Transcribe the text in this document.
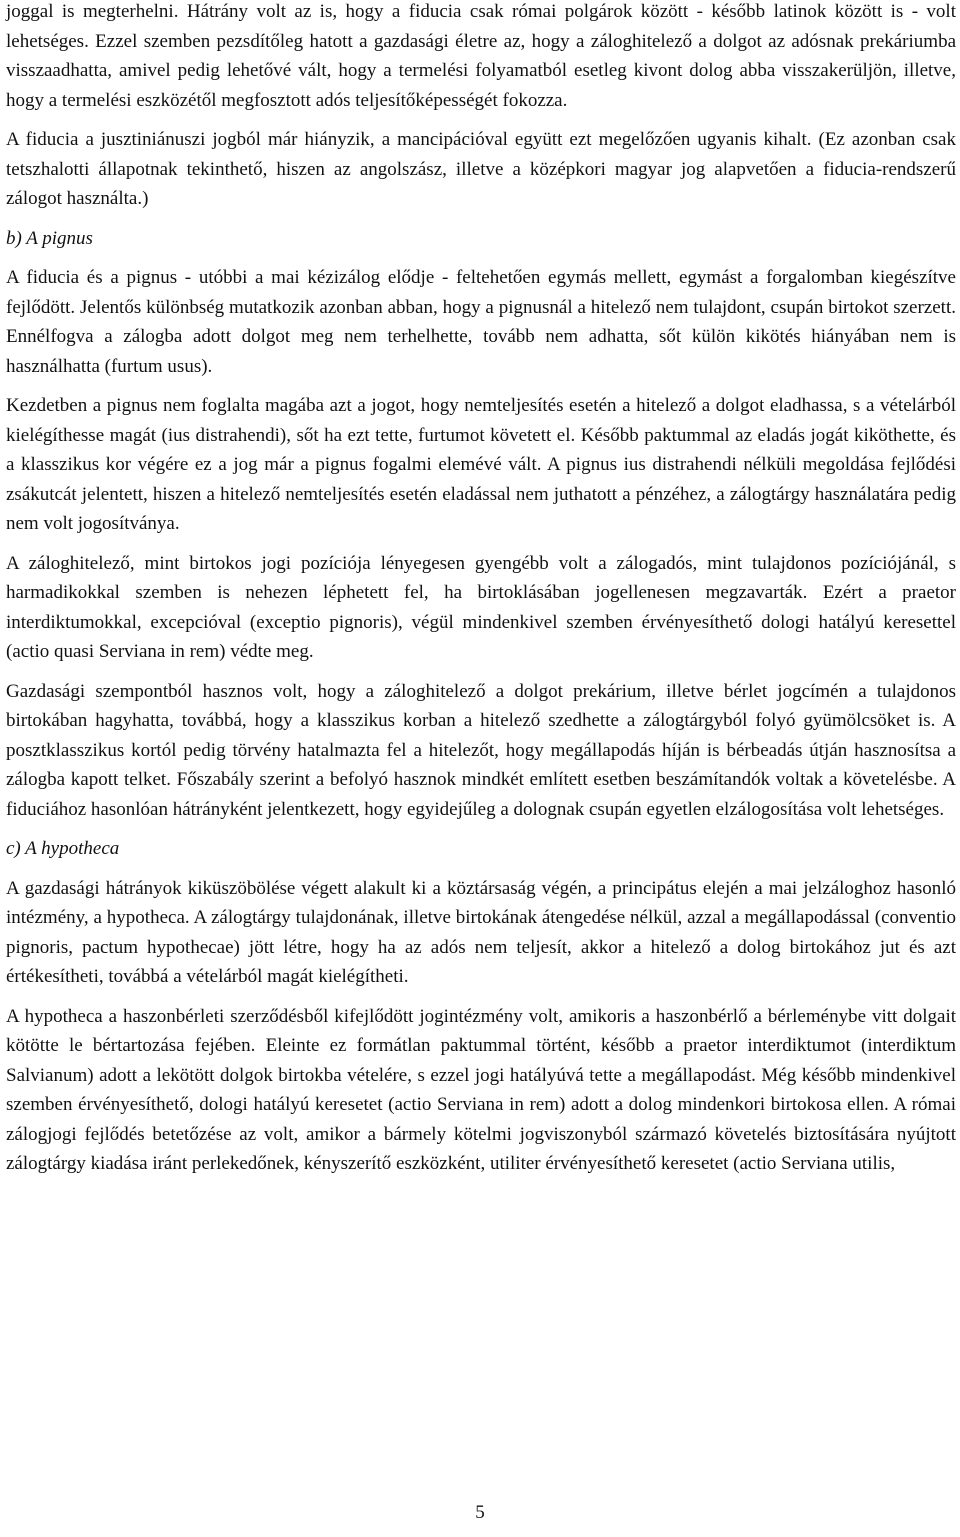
joggal is megterhelni. Hátrány volt az is, hogy a fiducia csak római polgárok között - később latinok között is - volt lehetséges. Ezzel szemben pezsdítőleg hatott a gazdasági életre az, hogy a záloghitelező a dolgot az adósnak prekáriumba visszaadhatta, amivel pedig lehetővé vált, hogy a termelési folyamatból esetleg kivont dolog abba visszakerüljön, illetve, hogy a termelési eszközétől megfosztott adós teljesítőképességét fokozza.

A fiducia a jusztiniánuszi jogból már hiányzik, a mancipációval együtt ezt megelőzően ugyanis kihalt. (Ez azonban csak tetszhalotti állapotnak tekinthető, hiszen az angolszász, illetve a középkori magyar jog alapvetően a fiducia-rendszerű zálogot használta.)

b) A pignus

A fiducia és a pignus - utóbbi a mai kézizálog elődje - feltehetően egymás mellett, egymást a forgalomban kiegészítve fejlődött. Jelentős különbség mutatkozik azonban abban, hogy a pignusnál a hitelező nem tulajdont, csupán birtokot szerzett. Ennélfogva a zálogba adott dolgot meg nem terhelhette, tovább nem adhatta, sőt külön kikötés hiányában nem is használhatta (furtum usus).

Kezdetben a pignus nem foglalta magába azt a jogot, hogy nemteljesítés esetén a hitelező a dolgot eladhassa, s a vételárból kielégíthesse magát (ius distrahendi), sőt ha ezt tette, furtumot követett el. Később paktummal az eladás jogát kiköthette, és a klasszikus kor végére ez a jog már a pignus fogalmi elemévé vált. A pignus ius distrahendi nélküli megoldása fejlődési zsákutcát jelentett, hiszen a hitelező nemteljesítés esetén eladással nem juthatott a pénzéhez, a zálogtárgy használatára pedig nem volt jogosítványa.

A záloghitelező, mint birtokos jogi pozíciója lényegesen gyengébb volt a zálogadós, mint tulajdonos pozíciójánál, s harmadikokkal szemben is nehezen léphetett fel, ha birtoklásában jogellenesen megzavarták. Ezért a praetor interdiktumokkal, excepcióval (exceptio pignoris), végül mindenkivel szemben érvényesíthető dologi hatályú keresettel (actio quasi Serviana in rem) védte meg.

Gazdasági szempontból hasznos volt, hogy a záloghitelező a dolgot prekárium, illetve bérlet jogcímén a tulajdonos birtokában hagyhatta, továbbá, hogy a klasszikus korban a hitelező szedhette a zálogtárgyból folyó gyümölcsöket is. A posztklasszikus kortól pedig törvény hatalmazta fel a hitelezőt, hogy megállapodás híján is bérbeadás útján hasznosítsa a zálogba kapott telket. Főszabály szerint a befolyó hasznok mindkét említett esetben beszámítandók voltak a követelésbe. A fiduciához hasonlóan hátrányként jelentkezett, hogy egyidejűleg a dolognak csupán egyetlen elzálogosítása volt lehetséges.

c) A hypotheca

A gazdasági hátrányok kiküszöbölése végett alakult ki a köztársaság végén, a principátus elején a mai jelzáloghoz hasonló intézmény, a hypotheca. A zálogtárgy tulajdonának, illetve birtokának átengedése nélkül, azzal a megállapodással (conventio pignoris, pactum hypothecae) jött létre, hogy ha az adós nem teljesít, akkor a hitelező a dolog birtokához jut és azt értékesítheti, továbbá a vételárból magát kielégítheti.

A hypotheca a haszonbérleti szerződésből kifejlődött jogintézmény volt, amikoris a haszonbérlő a bérleménybe vitt dolgait kötötte le bértartozása fejében. Eleinte ez formátlan paktummal történt, később a praetor interdiktumot (interdiktum Salvianum) adott a lekötött dolgok birtokba vételére, s ezzel jogi hatályúvá tette a megállapodást. Még később mindenkivel szemben érvényesíthető, dologi hatályú keresetet (actio Serviana in rem) adott a dolog mindenkori birtokosa ellen. A római zálogjogi fejlődés betetőzése az volt, amikor a bármely kötelmi jogviszonyból származó követelés biztosítására nyújtott zálogtárgy kiadása iránt perlekedőnek, kényszerítő eszközként, utiliter érvényesíthető keresetet (actio Serviana utilis,

5
